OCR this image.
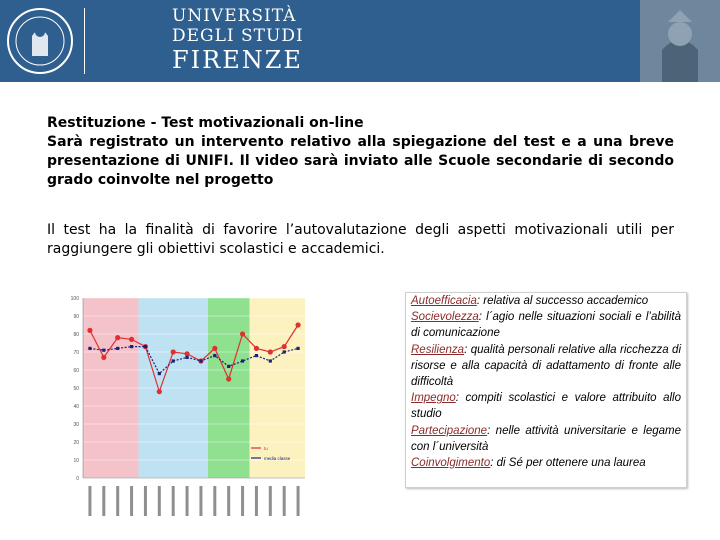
UNIVERSITÀ
DEGLI STUDI
FIRENZE
Restituzione - Test motivazionali on-line
Sarà registrato un intervento relativo alla spiegazione del test e a una breve presentazione di UNIFI. Il video sarà inviato alle Scuole secondarie di secondo grado coinvolte nel progetto
Il test ha la finalità di favorire l’autovalutazione degli aspetti motivazionali utili per raggiungere gli obiettivi scolastici e accademici.
100
90
80
70
60
50
40
30
20
10
0
tu
media classe

Autoefficacia: relativa al successo accademico

Socievolezza: l´agio nelle situazioni sociali e l’abilità di comunicazione

Resilienza: qualità personali relative alla ricchezza di risorse e alla capacità di adattamento di fronte alle difficoltà

Impegno: compiti scolastici e valore attribuito allo studio

Partecipazione: nelle attività universitarie e legame con l´università

Coinvolgimento: di Sé per ottenere una laurea
